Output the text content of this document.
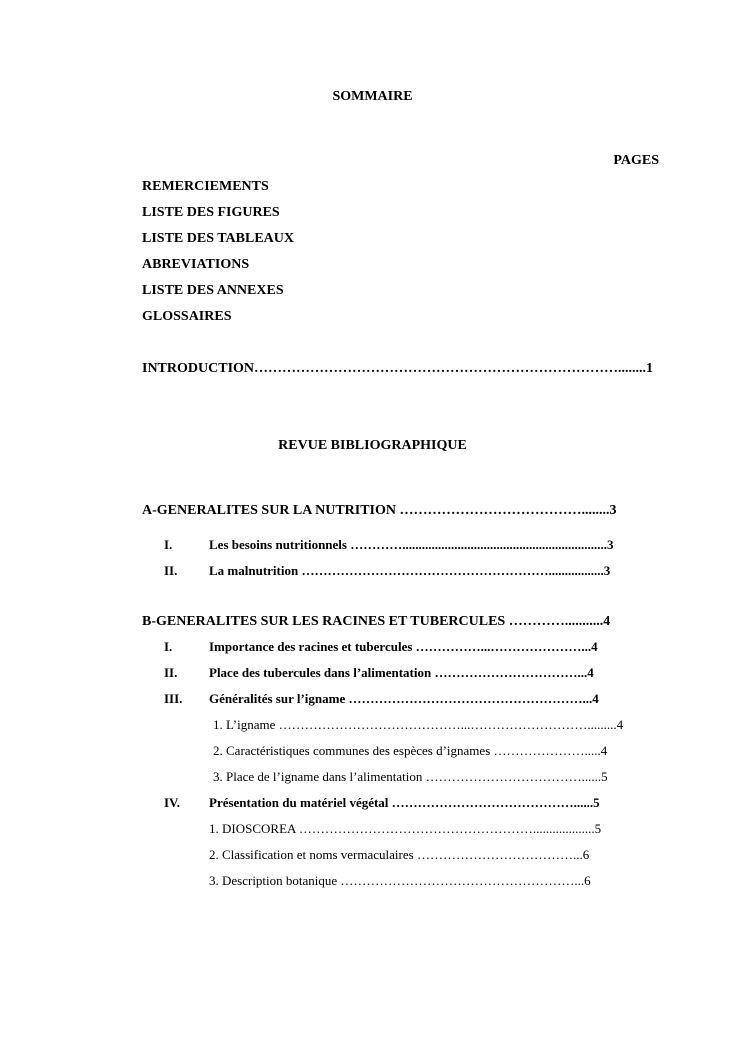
SOMMAIRE
PAGES
REMERCIEMENTS
LISTE DES FIGURES
LISTE DES TABLEAUX
ABREVIATIONS
LISTE DES ANNEXES
GLOSSAIRES
INTRODUCTION……………………………………………………………………........1
REVUE BIBLIOGRAPHIQUE
A-GENERALITES SUR LA NUTRITION …………………………………........3
I.	Les besoins nutritionnels …………...............................................................3
II. La malnutrition ………………………………………………….................3
B-GENERALITES SUR LES RACINES ET TUBERCULES …………...........4
I.	Importance des racines et tubercules ……………...…………………...4
II. Place des tubercules dans l’alimentation ……………………………...4
III. Généralités sur l’igname ………………………………………………...4
1. L’igname ……………………………………...……………………….........4
2. Caractéristiques communes des espèces d’ignames ………………….....4
3. Place de l’igname dans l’alimentation ………………………………......5
IV. Présentation du matériel végétal ……………………………………......5
1. DIOSCOREA ………………………………………………...................5
2. Classification et noms vermaculaires ………………………………...6
3. Description botanique ………………………………………………...6
